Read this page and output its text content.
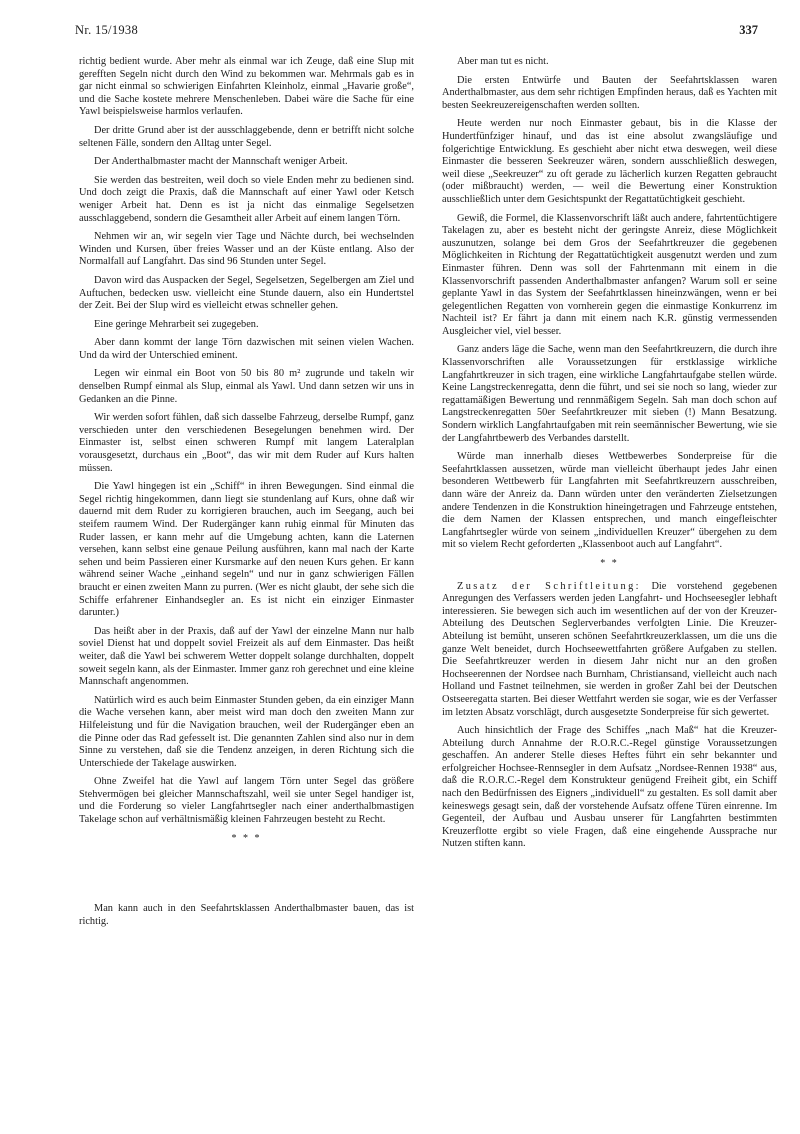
Nr. 15/1938	337

richtig bedient wurde. Aber mehr als einmal war ich Zeuge, daß eine Slup mit gerefften Segeln nicht durch den Wind zu bekommen war. Mehrmals gab es in gar nicht einmal so schwierigen Einfahrten Kleinholz, einmal „Havarie große“, und die Sache kostete mehrere Menschenleben. Dabei wäre die Sache für eine Yawl beispielsweise harmlos verlaufen.

Der dritte Grund aber ist der ausschlaggebende, denn er betrifft nicht solche seltenen Fälle, sondern den Alltag unter Segel.

Der Anderthalbmaster macht der Mannschaft weniger Arbeit.

Sie werden das bestreiten, weil doch so viele Enden mehr zu bedienen sind. Und doch zeigt die Praxis, daß die Mannschaft auf einer Yawl oder Ketsch weniger Arbeit hat. Denn es ist ja nicht das einmalige Segelsetzen ausschlaggebend, sondern die Gesamtheit aller Arbeit auf einem langen Törn.

Nehmen wir an, wir segeln vier Tage und Nächte durch, bei wechselnden Winden und Kursen, über freies Wasser und an der Küste entlang. Also der Normalfall auf Langfahrt. Das sind 96 Stunden unter Segel.

Davon wird das Auspacken der Segel, Segelsetzen, Segelbergen am Ziel und Auftuchen, bedecken usw. vielleicht eine Stunde dauern, also ein Hundertstel der Zeit. Bei der Slup wird es vielleicht etwas schneller gehen.

Eine geringe Mehrarbeit sei zugegeben.

Aber dann kommt der lange Törn dazwischen mit seinen vielen Wachen. Und da wird der Unterschied eminent.

Legen wir einmal ein Boot von 50 bis 80 m² zugrunde und takeln wir denselben Rumpf einmal als Slup, einmal als Yawl. Und dann setzen wir uns in Gedanken an die Pinne.

Wir werden sofort fühlen, daß sich dasselbe Fahrzeug, derselbe Rumpf, ganz verschieden unter den verschiedenen Besegelungen benehmen wird. Der Einmaster ist, selbst einen schweren Rumpf mit langem Lateralplan vorausgesetzt, durchaus ein „Boot“, das wir mit dem Ruder auf Kurs halten müssen.

Die Yawl hingegen ist ein „Schiff“ in ihren Bewegungen. Sind einmal die Segel richtig hingekommen, dann liegt sie stundenlang auf Kurs, ohne daß wir dauernd mit dem Ruder zu korrigieren brauchen, auch im Seegang, auch bei steifem raumem Wind. Der Rudergänger kann ruhig einmal für Minuten das Ruder lassen, er kann mehr auf die Umgebung achten, kann die Laternen versehen, kann selbst eine genaue Peilung ausführen, kann mal nach der Karte sehen und beim Passieren einer Kursmarke auf den neuen Kurs gehen. Er kann während seiner Wache „einhand segeln“ und nur in ganz schwierigen Fällen braucht er einen zweiten Mann zu purren. (Wer es nicht glaubt, der sehe sich die Schiffe erfahrener Einhandsegler an. Es ist nicht ein einziger Einmaster darunter.)

Das heißt aber in der Praxis, daß auf der Yawl der einzelne Mann nur halb soviel Dienst hat und doppelt soviel Freizeit als auf dem Einmaster. Das heißt weiter, daß die Yawl bei schwerem Wetter doppelt solange durchhalten, doppelt soweit segeln kann, als der Einmaster. Immer ganz roh gerechnet und eine kleine Mannschaft angenommen.

Natürlich wird es auch beim Einmaster Stunden geben, da ein einziger Mann die Wache versehen kann, aber meist wird man doch den zweiten Mann zur Hilfeleistung und für die Navigation brauchen, weil der Rudergänger eben an die Pinne oder das Rad gefesselt ist. Die genannten Zahlen sind also nur in dem Sinne zu verstehen, daß sie die Tendenz anzeigen, in deren Richtung sich die Unterschiede der Takelage auswirken.

Ohne Zweifel hat die Yawl auf langem Törn unter Segel das größere Stehvermögen bei gleicher Mannschaftszahl, weil sie unter Segel handiger ist, und die Forderung so vieler Langfahrtsegler nach einer anderthalbmastigen Takelage schon auf verhältnismäßig kleinen Fahrzeugen besteht zu Recht.

* * *

Man kann auch in den Seefahrtsklassen Anderthalbmaster bauen, das ist richtig.

Aber man tut es nicht.

Die ersten Entwürfe und Bauten der Seefahrtsklassen waren Anderthalbmaster, aus dem sehr richtigen Empfinden heraus, daß es Yachten mit besten Seekreuzereigenschaften werden sollten.

Heute werden nur noch Einmaster gebaut, bis in die Klasse der Hundertfünfziger hinauf, und das ist eine absolut zwangsläufige und folgerichtige Entwicklung. Es geschieht aber nicht etwa deswegen, weil diese Einmaster die besseren Seekreuzer wären, sondern ausschließlich deswegen, weil diese „Seekreuzer“ zu oft gerade zu lächerlich kurzen Regatten gebraucht (oder mißbraucht) werden, — weil die Bewertung einer Konstruktion ausschließlich unter dem Gesichtspunkt der Regattatüchtigkeit geschieht.

Gewiß, die Formel, die Klassenvorschrift läßt auch andere, fahrtentüchtigere Takelagen zu, aber es besteht nicht der geringste Anreiz, diese Möglichkeit auszunutzen, solange bei dem Gros der Seefahrtkreuzer die gegebenen Möglichkeiten in Richtung der Regattatüchtigkeit ausgenutzt werden und zum Einmaster führen. Denn was soll der Fahrtenmann mit einem in die Klassenvorschrift passenden Anderthalbmaster anfangen? Warum soll er seine geplante Yawl in das System der Seefahrtklassen hineinzwängen, wenn er bei gelegentlichen Regatten von vornherein gegen die einmastige Konkurrenz im Nachteil ist? Er fährt ja dann mit einem nach K.R. günstig vermessenden Ausgleicher viel, viel besser.

Ganz anders läge die Sache, wenn man den Seefahrtkreuzern, die durch ihre Klassenvorschriften alle Voraussetzungen für erstklassige wirkliche Langfahrtkreuzer in sich tragen, eine wirkliche Langfahrtaufgabe stellen würde. Keine Langstreckenregatta, denn die führt, und sei sie noch so lang, wieder zur regattamäßigen Bewertung und rennmäßigem Segeln. Sah man doch schon auf Langstreckenregatten 50er Seefahrtkreuzer mit sieben (!) Mann Besatzung. Sondern wirklich Langfahrtaufgaben mit rein seemännischer Bewertung, wie sie der Langfahrtbewerb des Verbandes darstellt.

Würde man innerhalb dieses Wettbewerbes Sonderpreise für die Seefahrtklassen aussetzen, würde man vielleicht überhaupt jedes Jahr einen besonderen Wettbewerb für Langfahrten mit Seefahrtkreuzern ausschreiben, dann wäre der Anreiz da. Dann würden unter den veränderten Zielsetzungen andere Tendenzen in die Konstruktion hineingetragen und Fahrzeuge entstehen, die dem Namen der Klassen entsprechen, und manch eingefleischter Langfahrtsegler würde von seinem „individuellen Kreuzer“ übergehen zu dem mit so vielem Recht geforderten „Klassenboot auch auf Langfahrt“.

* *

Zusatz der Schriftleitung: Die vorstehend gegebenen Anregungen des Verfassers werden jeden Langfahrt- und Hochseesegler lebhaft interessieren. Sie bewegen sich auch im wesentlichen auf der von der Kreuzer-Abteilung des Deutschen Seglerverbandes verfolgten Linie. Die Kreuzer-Abteilung ist bemüht, unseren schönen Seefahrtkreuzerklassen, um die uns die ganze Welt beneidet, durch Hochseewettfahrten größere Aufgaben zu stellen. Die Seefahrtkreuzer werden in diesem Jahr nicht nur an den großen Hochseerennen der Nordsee nach Burnham, Christiansand, vielleicht auch nach Holland und Fastnet teilnehmen, sie werden in großer Zahl bei der Deutschen Ostseeregatta starten. Bei dieser Wettfahrt werden sie sogar, wie es der Verfasser im letzten Absatz vorschlägt, durch ausgesetzte Sonderpreise für sich gewertet.

Auch hinsichtlich der Frage des Schiffes „nach Maß“ hat die Kreuzer-Abteilung durch Annahme der R.O.R.C.-Regel günstige Voraussetzungen geschaffen. An anderer Stelle dieses Heftes führt ein sehr bekannter und erfolgreicher Hochsee-Rennsegler in dem Aufsatz „Nordsee-Rennen 1938“ aus, daß die R.O.R.C.-Regel dem Konstrukteur genügend Freiheit gibt, ein Schiff nach den Bedürfnissen des Eigners „individuell“ zu gestalten. Es soll damit aber keineswegs gesagt sein, daß der vorstehende Aufsatz offene Türen einrenne. Im Gegenteil, der Aufbau und Ausbau unserer für Langfahrten bestimmten Kreuzerflotte ergibt so viele Fragen, daß eine eingehende Aussprache nur Nutzen stiften kann.
